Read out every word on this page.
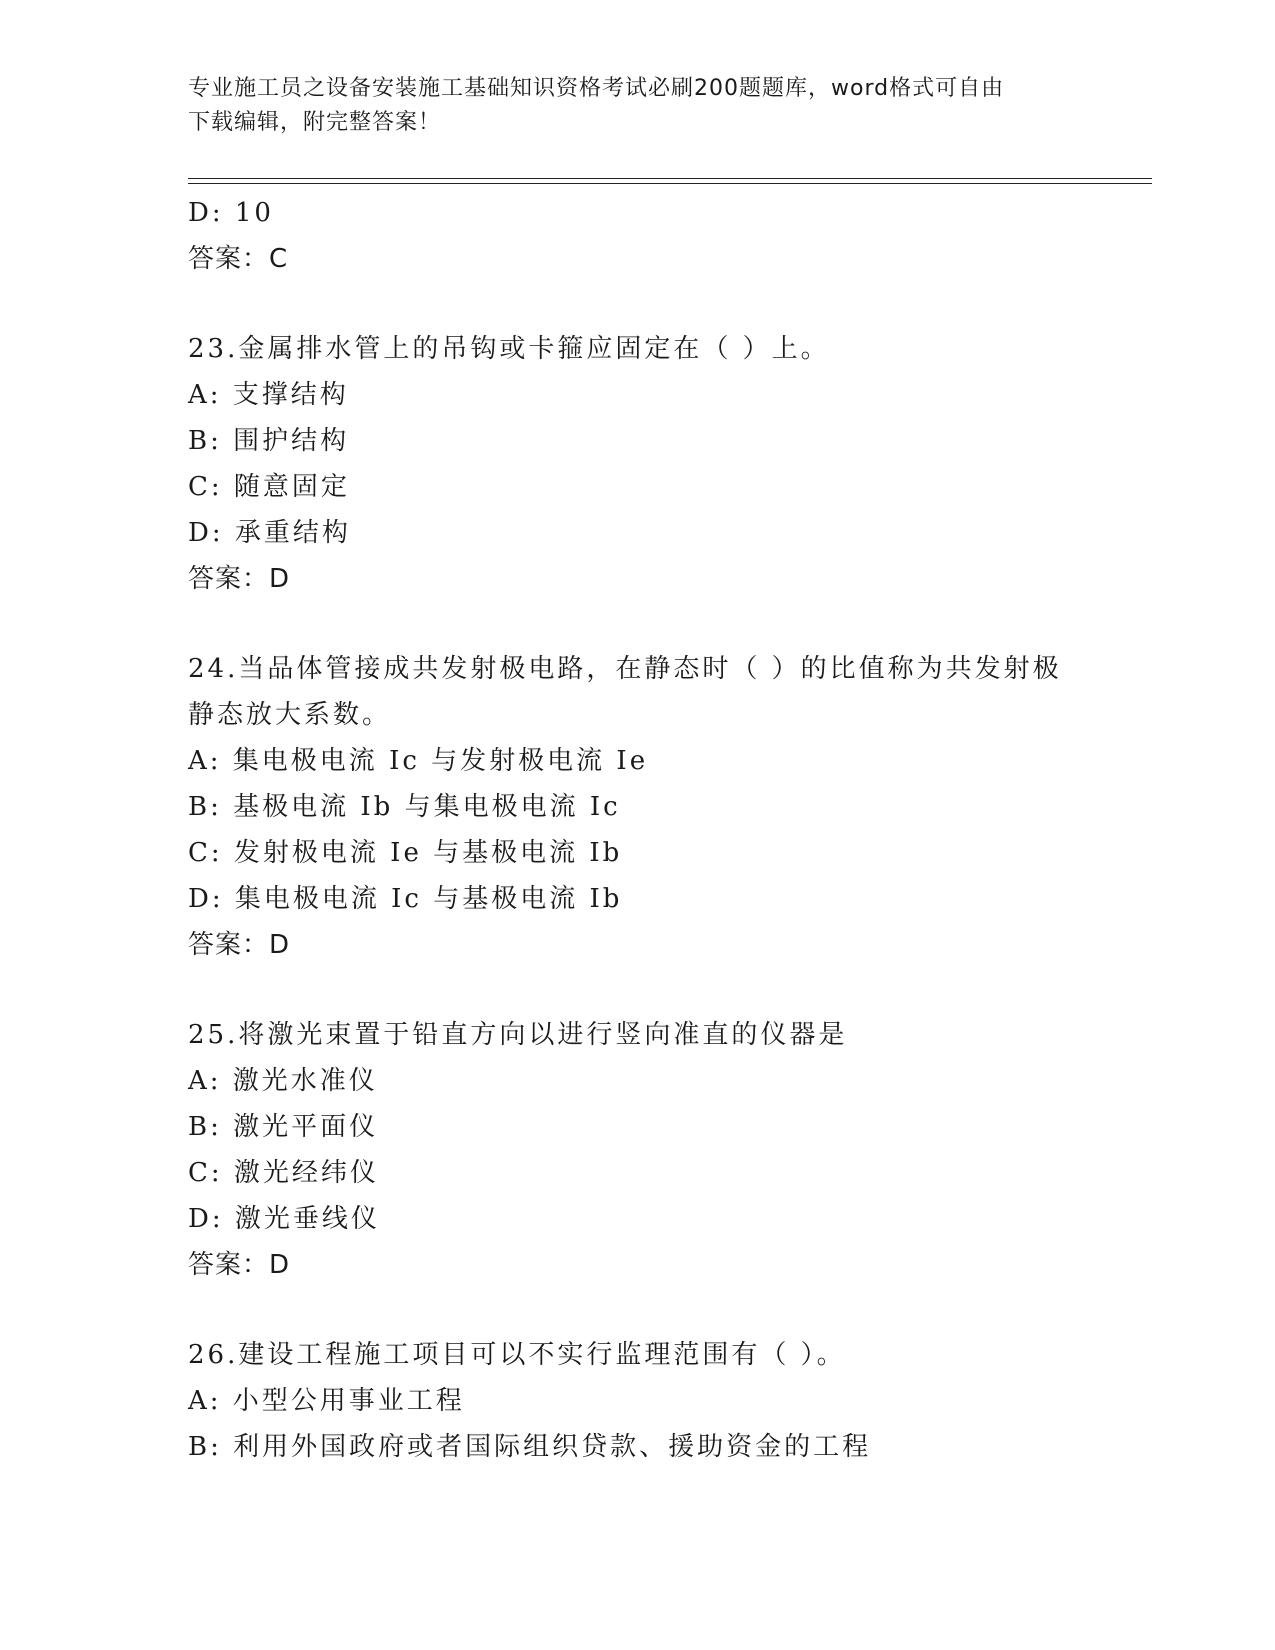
专业施工员之设备安装施工基础知识资格考试必刷200题题库，word格式可自由
下载编辑，附完整答案！
D: 10
答案：C
23.金属排水管上的吊钩或卡箍应固定在（ ）上。
A: 支撑结构
B: 围护结构
C: 随意固定
D: 承重结构
答案：D
24.当品体管接成共发射极电路，在静态时（ ）的比值称为共发射极静态放大系数。
A: 集电极电流 Ic 与发射极电流 Ie
B: 基极电流 Ib 与集电极电流 Ic
C: 发射极电流 Ie 与基极电流 Ib
D: 集电极电流 Ic 与基极电流 Ib
答案：D
25.将激光束置于铅直方向以进行竖向准直的仪器是
A: 激光水准仪
B: 激光平面仪
C: 激光经纬仪
D: 激光垂线仪
答案：D
26.建设工程施工项目可以不实行监理范围有（ ）。
A: 小型公用事业工程
B: 利用外国政府或者国际组织贷款、援助资金的工程
